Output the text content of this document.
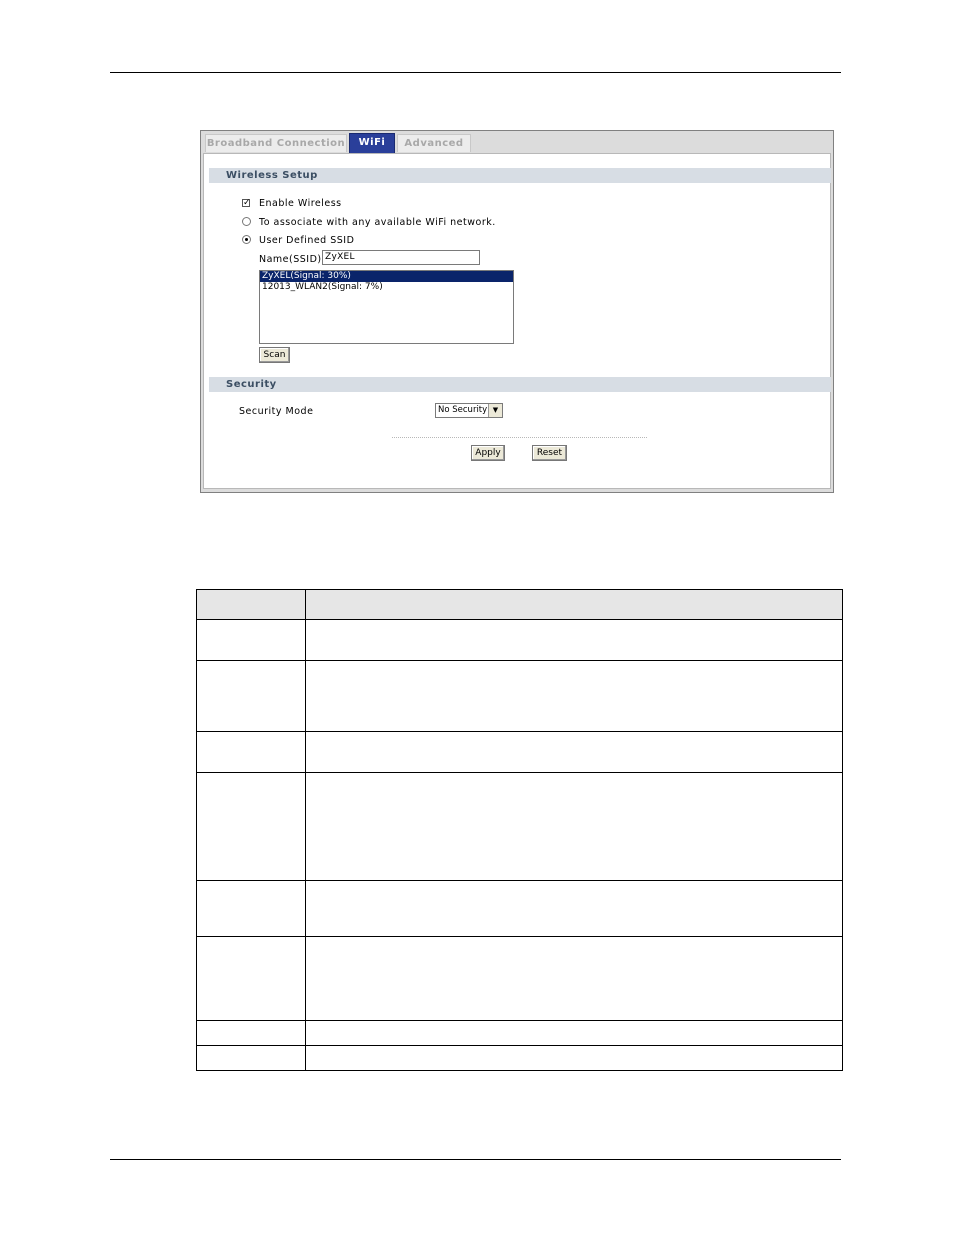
Broadband Connection	WiFi	Advanced
Wireless Setup
✓ Enable Wireless
To associate with any available WiFi network.
User Defined SSID
Name(SSID) ZyXEL
ZyXEL(Signal: 30%)
12013_WLAN2(Signal: 7%)
Scan
Security
Security Mode	No Security ▼
Apply	Reset
